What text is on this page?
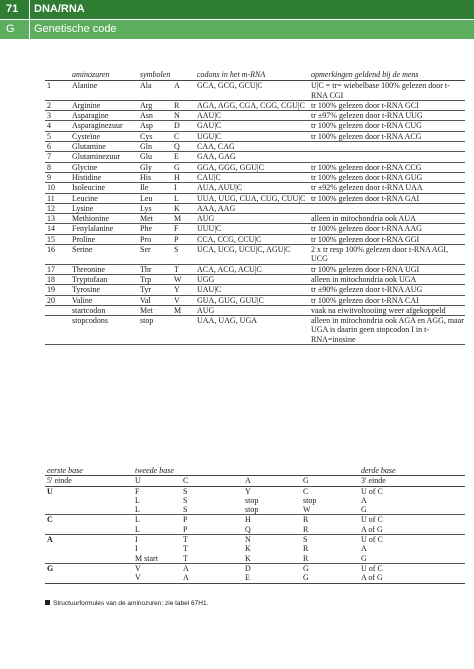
71	DNA/RNA
G	Genetische code
	aminozuren	symbolen		codons in het m-RNA	opmerkingen geldend bij de mens
1	Alanine	Ala	A	GCA, GCG, GCU|C	U|C = tr= wiebelbase 100% gelezen door t-RNA CGI
2	Arginine	Arg	R	AGA, AGG, CGA, CGG, CGU|C	tr 100% gelezen door t-RNA GCI
3	Asparagine	Asn	N	AAU|C	tr ±97% gelezen door t-RNA UUG
4	Asparaginezuur	Asp	D	GAU|C	tr 100% gelezen door t-RNA CUG
5	Cysteïne	Cys	C	UGU|C	tr 100% gelezen door t-RNA ACG
6	Glutamine	Gln	Q	CAA, CAG	
7	Glutaminezuur	Glu	E	GAA, GAG	
8	Glycine	Gly	G	GGA, GGG, GGU|C	tr 100% gelezen door t-RNA CCG
9	Histidine	His	H	CAU|C	tr 100% gelezen door t-RNA GUG
10	Isoleucine	Ile	I	AUA, AUU|C	tr ±92% gelezen door t-RNA UAA
11	Leucine	Leu	L	UUA, UUG, CUA, CUG, CUU|C	tr 100% gelezen door t-RNA GAI
12	Lysine	Lys	K	AAA, AAG	
13	Methionine	Met	M	AUG	alleen in mitochondria ook AUA
14	Fenylalanine	Phe	F	UUU|C	tr 100% gelezen door t-RNA AAG
15	Proline	Pro	P	CCA, CCG, CCU|C	tr 100% gelezen door t-RNA GGI
16	Serine	Ser	S	UCA, UCG, UCU|C, AGU|C	2 x tr resp 100% gelezen door t-RNA AGI, UCG
17	Threonine	Thr	T	ACA, ACG, ACU|C	tr 100% gelezen door t-RNA UGI
18	Tryptofaan	Trp	W	UGG	alleen in mitochondria ook UGA
19	Tyrosine	Tyr	Y	UAU|C	tr ±90% gelezen door t-RNA AUG
20	Valine	Val	V	GUA, GUG, GUU|C	tr 100% gelezen door t-RNA CAI
	startcodon	Met	M	AUG	vaak na eiwitvoltooiing weer afgekoppeld
	stopcodons	stop		UAA, UAG, UGA	alleen in mitochondria ook AGA en AGG, maar UGA is daarin geen stopcodon I in t-RNA=inosine
eerste base	tweede base				derde base
5' einde	U	C	A	G	3' einde
U	F	S	Y	C	U of C
	L	S	stop	stop	A
	L	S	stop	W	G
C	L	P	H	R	U of C
	L	P	Q	R	A of G
A	I	T	N	S	U of C
	I	T	K	R	A
	M start	T	K	R	G
G	V	A	D	G	U of C
	V	A	E	G	A of G
Structuurformules van de aminozuren: zie tabel 67H1.
